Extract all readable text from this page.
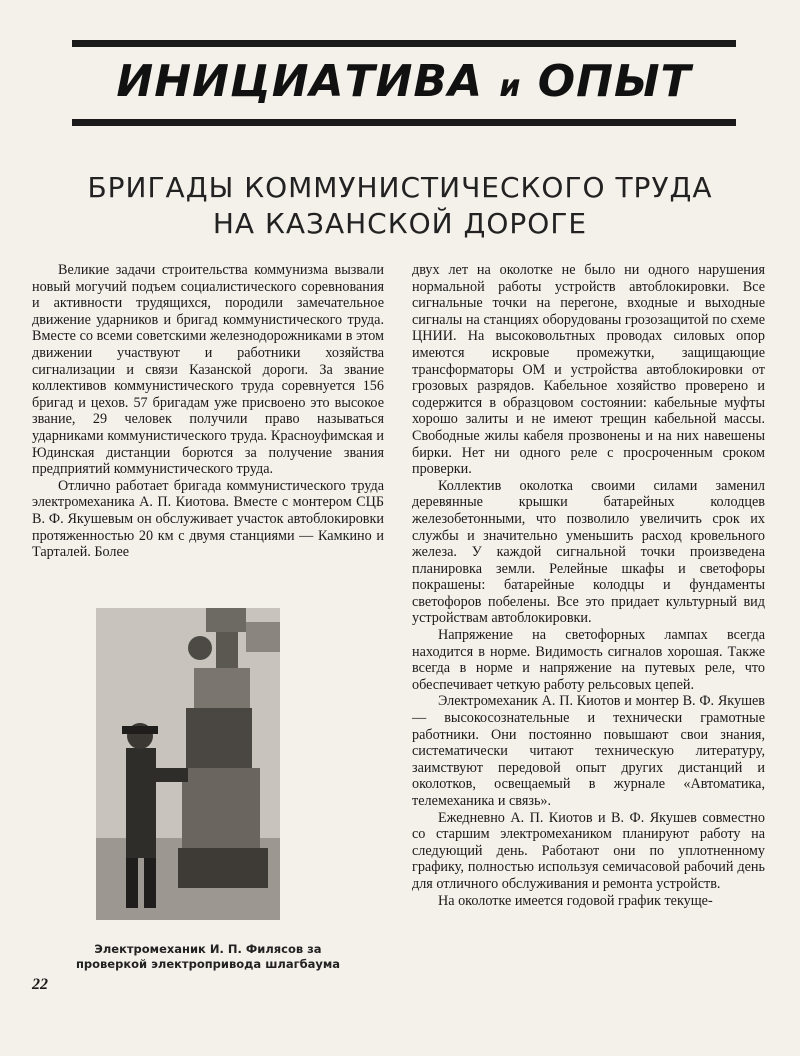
ИНИЦИАТИВА и ОПЫТ
БРИГАДЫ КОММУНИСТИЧЕСКОГО ТРУДА
НА КАЗАНСКОЙ ДОРОГЕ

Великие задачи строительства коммунизма вызвали новый могучий подъем социалистического соревнования и активности трудящихся, породили замечательное движение ударников и бригад коммунистического труда. Вместе со всеми советскими железнодорожниками в этом движении участвуют и работники хозяйства сигнализации и связи Казанской дороги. За звание коллективов коммунистического труда соревнуется 156 бригад и цехов. 57 бригадам уже присвоено это высокое звание, 29 человек получили право называться ударниками коммунистического труда. Красноуфимская и Юдинская дистанции борются за получение звания предприятий коммунистического труда.

Отлично работает бригада коммунистического труда электромеханика А. П. Киотова. Вместе с монтером СЦБ В. Ф. Якушевым он обслуживает участок автоблокировки протяженностью 20 км с двумя станциями — Камкино и Тарталей. Более

Электромеханик И. П. Филясов за
проверкой электропривода шлагбаума

двух лет на околотке не было ни одного нарушения нормальной работы устройств автоблокировки. Все сигнальные точки на перегоне, входные и выходные сигналы на станциях оборудованы грозозащитой по схеме ЦНИИ. На высоковольтных проводах силовых опор имеются искровые промежутки, защищающие трансформаторы ОМ и устройства автоблокировки от грозовых разрядов. Кабельное хозяйство проверено и содержится в образцовом состоянии: кабельные муфты хорошо залиты и не имеют трещин кабельной массы. Свободные жилы кабеля прозвонены и на них навешены бирки. Нет ни одного реле с просроченным сроком проверки.

Коллектив околотка своими силами заменил деревянные крышки батарейных колодцев железобетонными, что позволило увеличить срок их службы и значительно уменьшить расход кровельного железа. У каждой сигнальной точки произведена планировка земли. Релейные шкафы и светофоры покрашены: батарейные колодцы и фундаменты светофоров побелены. Все это придает культурный вид устройствам автоблокировки.

Напряжение на светофорных лампах всегда находится в норме. Видимость сигналов хорошая. Также всегда в норме и напряжение на путевых реле, что обеспечивает четкую работу рельсовых цепей.

Электромеханик А. П. Киотов и монтер В. Ф. Якушев — высокосознательные и технически грамотные работники. Они постоянно повышают свои знания, систематически читают техническую литературу, заимствуют передовой опыт других дистанций и околотков, освещаемый в журнале «Автоматика, телемеханика и связь».

Ежедневно А. П. Киотов и В. Ф. Якушев совместно со старшим электромехаником планируют работу на следующий день. Работают они по уплотненному графику, полностью используя семичасовой рабочий день для отличного обслуживания и ремонта устройств.

На околотке имеется годовой график текуще-

22
